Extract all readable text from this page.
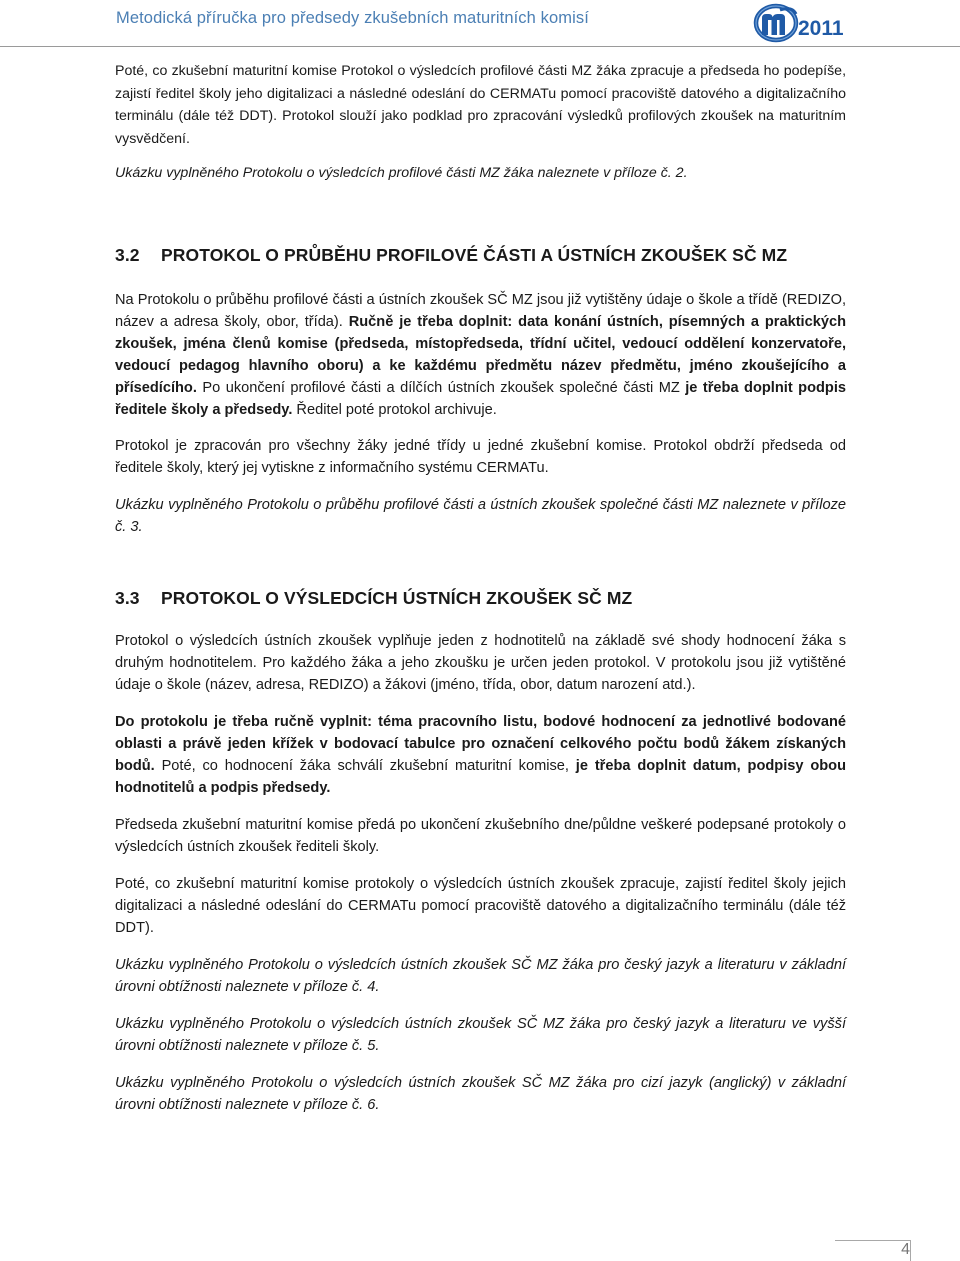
Metodická příručka pro předsedy zkušebních maturitních komisí	2011

Poté, co zkušební maturitní komise Protokol o výsledcích profilové části MZ žáka zpracuje a předseda ho podepíše, zajistí ředitel školy jeho digitalizaci a následné odeslání do CERMATu pomocí pracoviště datového a digitalizačního terminálu (dále též DDT). Protokol slouží jako podklad pro zpracování výsledků profilových zkoušek na maturitním vysvědčení.

Ukázku vyplněného Protokolu o výsledcích profilové části MZ žáka naleznete v příloze č. 2.

3.2 PROTOKOL O PRŮBĚHU PROFILOVÉ ČÁSTI A ÚSTNÍCH ZKOUŠEK SČ MZ

Na Protokolu o průběhu profilové části a ústních zkoušek SČ MZ jsou již vytištěny údaje o škole a třídě (REDIZO, název a adresa školy, obor, třída). Ručně je třeba doplnit: data konání ústních, písemných a praktických zkoušek, jména členů komise (předseda, místopředseda, třídní učitel, vedoucí oddělení konzervatoře, vedoucí pedagog hlavního oboru) a ke každému předmětu název předmětu, jméno zkoušejícího a přísedícího. Po ukončení profilové části a dílčích ústních zkoušek společné části MZ je třeba doplnit podpis ředitele školy a předsedy. Ředitel poté protokol archivuje.

Protokol je zpracován pro všechny žáky jedné třídy u jedné zkušební komise. Protokol obdrží předseda od ředitele školy, který jej vytiskne z informačního systému CERMATu.

Ukázku vyplněného Protokolu o průběhu profilové části a ústních zkoušek společné části MZ naleznete v příloze č. 3.

3.3 PROTOKOL O VÝSLEDCÍCH ÚSTNÍCH ZKOUŠEK SČ MZ

Protokol o výsledcích ústních zkoušek vyplňuje jeden z hodnotitelů na základě své shody hodnocení žáka s druhým hodnotitelem. Pro každého žáka a jeho zkoušku je určen jeden protokol. V protokolu jsou již vytištěné údaje o škole (název, adresa, REDIZO) a žákovi (jméno, třída, obor, datum narození atd.).

Do protokolu je třeba ručně vyplnit: téma pracovního listu, bodové hodnocení za jednotlivé bodované oblasti a právě jeden křížek v bodovací tabulce pro označení celkového počtu bodů žákem získaných bodů. Poté, co hodnocení žáka schválí zkušební maturitní komise, je třeba doplnit datum, podpisy obou hodnotitelů a podpis předsedy.

Předseda zkušební maturitní komise předá po ukončení zkušebního dne/půldne veškeré podepsané protokoly o výsledcích ústních zkoušek řediteli školy.

Poté, co zkušební maturitní komise protokoly o výsledcích ústních zkoušek zpracuje, zajistí ředitel školy jejich digitalizaci a následné odeslání do CERMATu pomocí pracoviště datového a digitalizačního terminálu (dále též DDT).

Ukázku vyplněného Protokolu o výsledcích ústních zkoušek SČ MZ žáka pro český jazyk a literaturu v základní úrovni obtížnosti naleznete v příloze č. 4.

Ukázku vyplněného Protokolu o výsledcích ústních zkoušek SČ MZ žáka pro český jazyk a literaturu ve vyšší úrovni obtížnosti naleznete v příloze č. 5.

Ukázku vyplněného Protokolu o výsledcích ústních zkoušek SČ MZ žáka pro cizí jazyk (anglický) v základní úrovni obtížnosti naleznete v příloze č. 6.

4
